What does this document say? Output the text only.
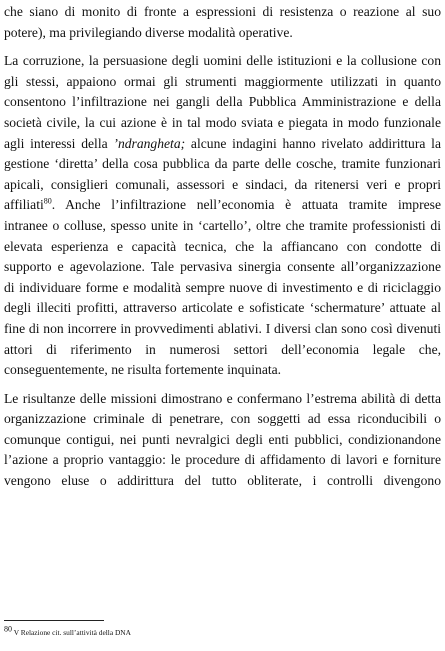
che siano di monito di fronte a espressioni di resistenza o reazione al suo
potere), ma privilegiando diverse modalità operative.
La corruzione, la persuasione degli uomini delle istituzioni e la collusione con
gli stessi, appaiono ormai gli strumenti maggiormente utilizzati in quanto
consentono l’infiltrazione nei gangli della Pubblica Amministrazione e della
società civile, la cui azione è in tal modo sviata e piegata in modo funzionale
agli interessi della ’ndrangheta; alcune indagini hanno rivelato addirittura la
gestione ‘diretta’ della cosa pubblica da parte delle cosche, tramite funzionari
apicali, consiglieri comunali, assessori e sindaci, da ritenersi veri e propri
affiliati$^{80}$. Anche l’infiltrazione nell’economia è attuata tramite imprese
intranee o colluse, spesso unite in ‘cartello’, oltre che tramite professionisti di
elevata esperienza e capacità tecnica, che la affiancano con condotte di
supporto e agevolazione. Tale pervasiva sinergia consente all’organizzazione
di individuare forme e modalità sempre nuove di investimento e di riciclaggio
degli illeciti profitti, attraverso articolate e sofisticate ‘schermature’ attuate al
fine di non incorrere in provvedimenti ablativi. I diversi clan sono così divenuti
attori di riferimento in numerosi settori dell’economia legale che,
conseguentemente, ne risulta fortemente inquinata.
Le risultanze delle missioni dimostrano e confermano l’estrema abilità di detta
organizzazione criminale di penetrare, con soggetti ad essa riconducibili o
comunque contigui, nei punti nevralgici degli enti pubblici, condizionandone
l’azione a proprio vantaggio: le procedure di affidamento di lavori e forniture
vengono eluse o addirittura del tutto obliterate, i controlli divengono
$^{80}$ V Relazione cit. sull’attività della DNA
